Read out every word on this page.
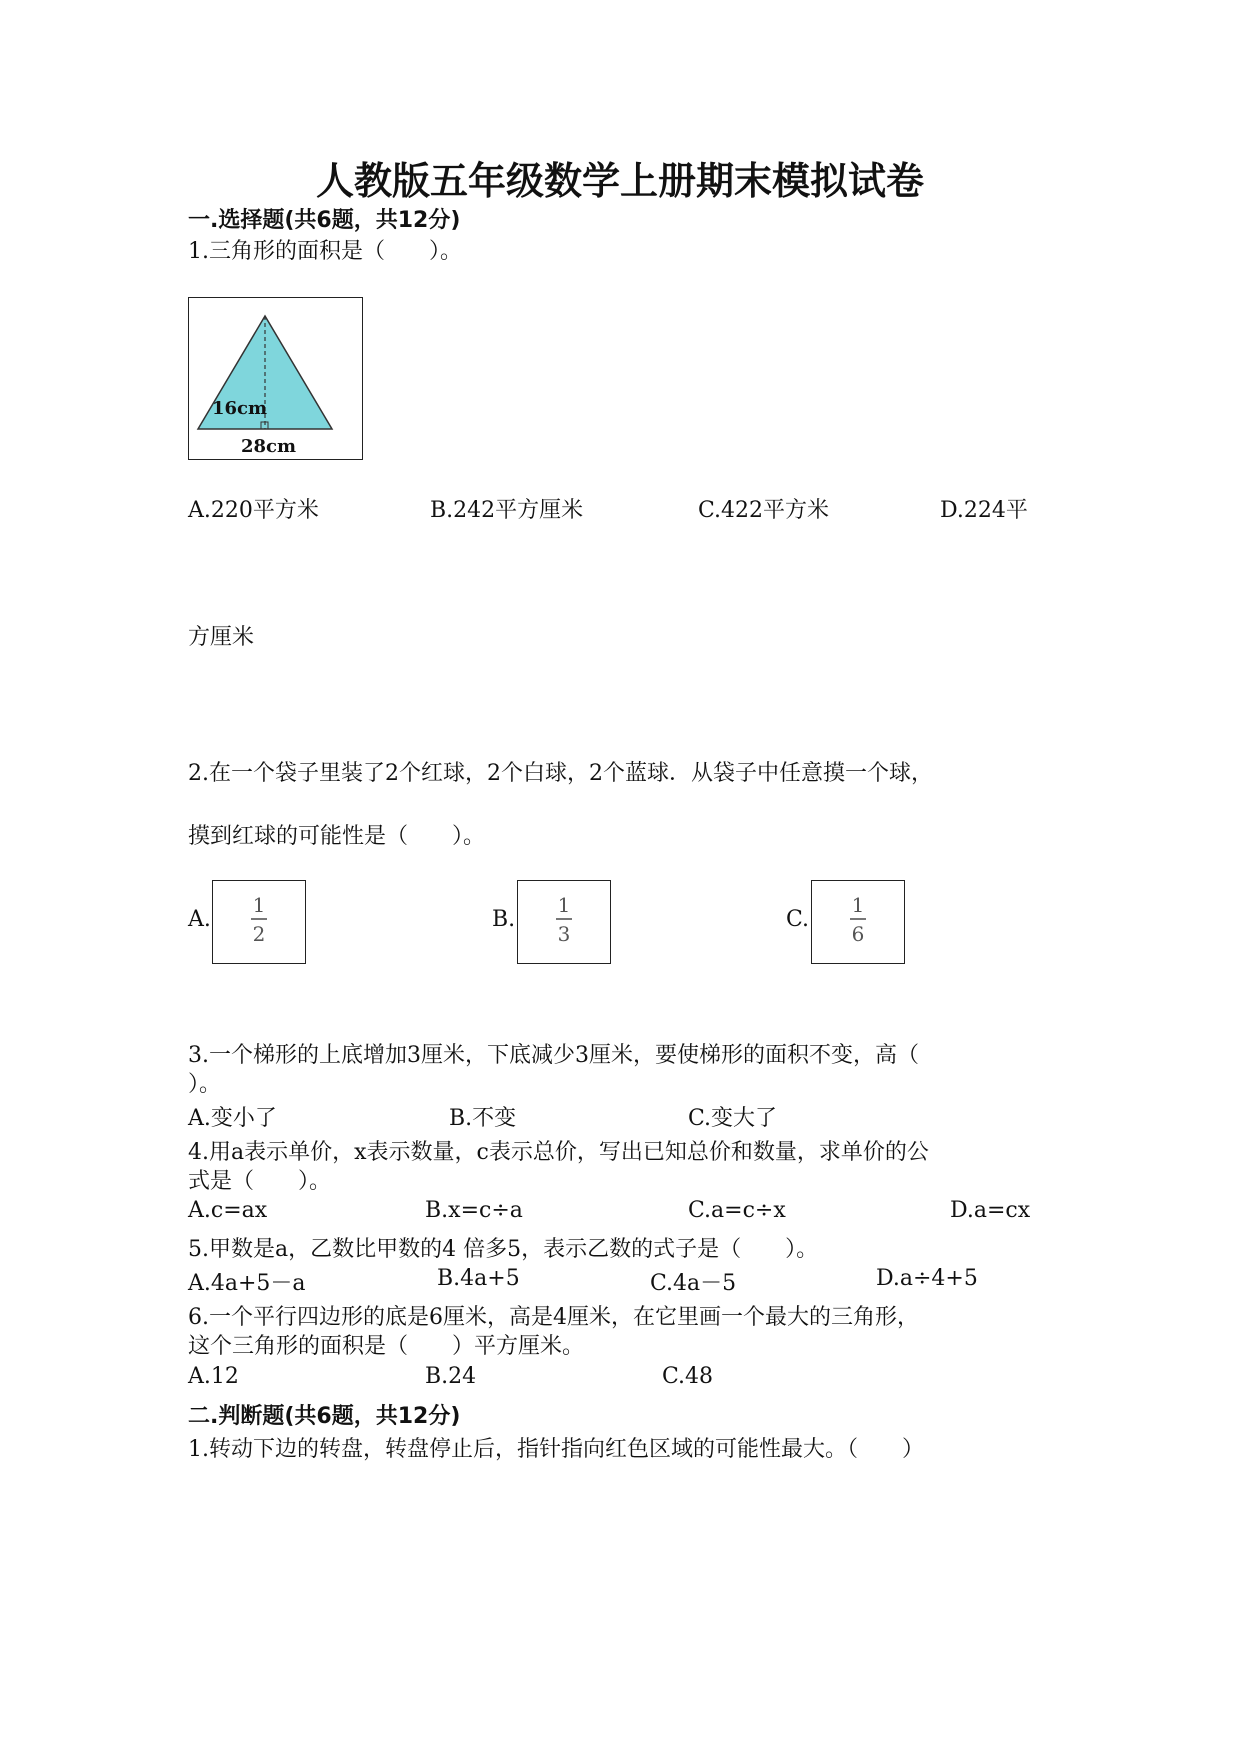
人教版五年级数学上册期末模拟试卷
一.选择题(共6题，共12分)
1.三角形的面积是（　　）。
16cm
28cm
A.220平方米	B.242平方厘米	C.422平方米	D.224平
方厘米
2.在一个袋子里装了2个红球，2个白球，2个蓝球．从袋子中任意摸一个球，
摸到红球的可能性是（　　）。
A.
1
2
B.
1
3
C.
1
6
3.一个梯形的上底增加3厘米，下底减少3厘米，要使梯形的面积不变，高（
）。
A.变小了	B.不变	C.变大了
4.用a表示单价，x表示数量，c表示总价，写出已知总价和数量，求单价的公
式是（　　）。
A.c=ax	B.x=c÷a	C.a=c÷x	D.a=cx
5.甲数是a，乙数比甲数的4 倍多5，表示乙数的式子是（　　）。
A.4a+5－a	B.4a+5	C.4a－5	D.a÷4+5
6.一个平行四边形的底是6厘米，高是4厘米，在它里画一个最大的三角形，
这个三角形的面积是（　　）平方厘米。
A.12	B.24	C.48
二.判断题(共6题，共12分)
1.转动下边的转盘，转盘停止后，指针指向红色区域的可能性最大。（　　）
